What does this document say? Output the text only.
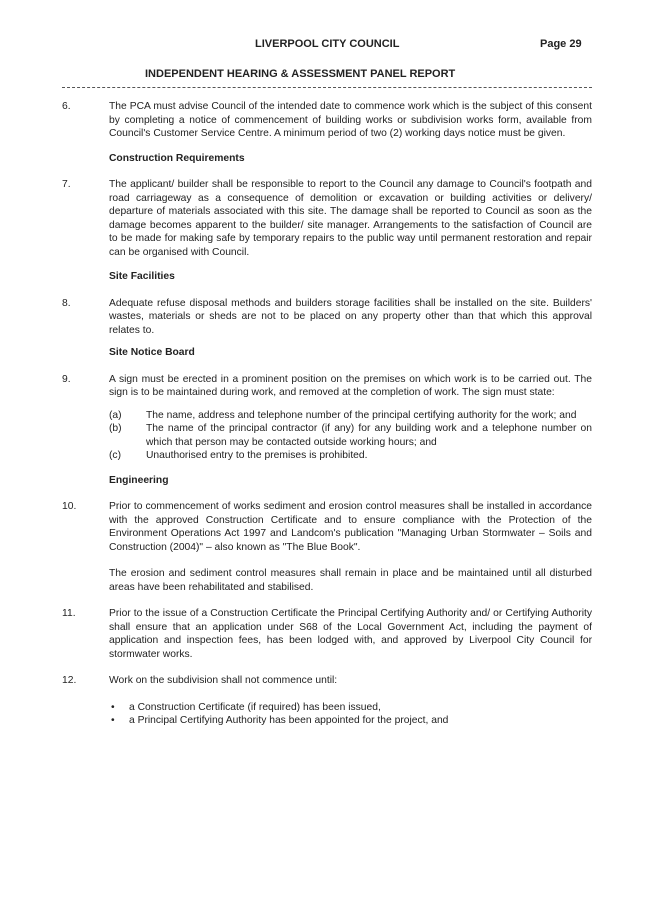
LIVERPOOL CITY COUNCIL	Page 29
INDEPENDENT HEARING & ASSESSMENT PANEL REPORT
6.	The PCA must advise Council of the intended date to commence work which is the subject of this consent by completing a notice of commencement of building works or subdivision works form, available from Council's Customer Service Centre. A minimum period of two (2) working days notice must be given.
Construction Requirements
7.	The applicant/ builder shall be responsible to report to the Council any damage to Council's footpath and road carriageway as a consequence of demolition or excavation or building activities or delivery/ departure of materials associated with this site. The damage shall be reported to Council as soon as the damage becomes apparent to the builder/ site manager. Arrangements to the satisfaction of Council are to be made for making safe by temporary repairs to the public way until permanent restoration and repair can be organised with Council.
Site Facilities
8.	Adequate refuse disposal methods and builders storage facilities shall be installed on the site. Builders' wastes, materials or sheds are not to be placed on any property other than that which this approval relates to.
Site Notice Board
9.	A sign must be erected in a prominent position on the premises on which work is to be carried out. The sign is to be maintained during work, and removed at the completion of work. The sign must state:
(a) The name, address and telephone number of the principal certifying authority for the work; and
(b) The name of the principal contractor (if any) for any building work and a telephone number on which that person may be contacted outside working hours; and
(c) Unauthorised entry to the premises is prohibited.
Engineering
10.	Prior to commencement of works sediment and erosion control measures shall be installed in accordance with the approved Construction Certificate and to ensure compliance with the Protection of the Environment Operations Act 1997 and Landcom's publication "Managing Urban Stormwater – Soils and Construction (2004)" – also known as "The Blue Book".
The erosion and sediment control measures shall remain in place and be maintained until all disturbed areas have been rehabilitated and stabilised.
11.	Prior to the issue of a Construction Certificate the Principal Certifying Authority and/ or Certifying Authority shall ensure that an application under S68 of the Local Government Act, including the payment of application and inspection fees, has been lodged with, and approved by Liverpool City Council for stormwater works.
12.	Work on the subdivision shall not commence until:
• a Construction Certificate (if required) has been issued,
• a Principal Certifying Authority has been appointed for the project, and
